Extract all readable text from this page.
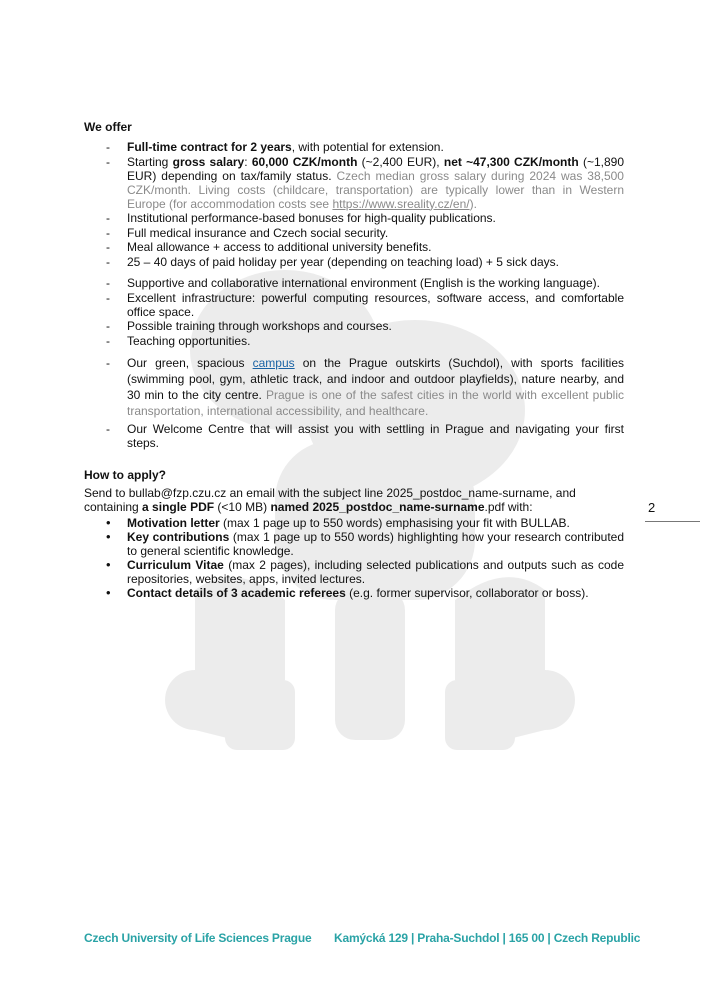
We offer
- Full-time contract for 2 years, with potential for extension.
- Starting gross salary: 60,000 CZK/month (~2,400 EUR), net ~47,300 CZK/month (~1,890 EUR) depending on tax/family status. Czech median gross salary during 2024 was 38,500 CZK/month. Living costs (childcare, transportation) are typically lower than in Western Europe (for accommodation costs see https://www.sreality.cz/en/).
- Institutional performance-based bonuses for high-quality publications.
- Full medical insurance and Czech social security.
- Meal allowance + access to additional university benefits.
- 25 – 40 days of paid holiday per year (depending on teaching load) + 5 sick days.
- Supportive and collaborative international environment (English is the working language).
- Excellent infrastructure: powerful computing resources, software access, and comfortable office space.
- Possible training through workshops and courses.
- Teaching opportunities.
- Our green, spacious campus on the Prague outskirts (Suchdol), with sports facilities (swimming pool, gym, athletic track, and indoor and outdoor playfields), nature nearby, and 30 min to the city centre. Prague is one of the safest cities in the world with excellent public transportation, international accessibility, and healthcare.
- Our Welcome Centre that will assist you with settling in Prague and navigating your first steps.
How to apply?

Send to bullab@fzp.czu.cz an email with the subject line 2025_postdoc_name-surname, and containing a single PDF (<10 MB) named 2025_postdoc_name-surname.pdf with:

• Motivation letter (max 1 page up to 550 words) emphasising your fit with BULLAB.
• Key contributions (max 1 page up to 550 words) highlighting how your research contributed to general scientific knowledge.
• Curriculum Vitae (max 2 pages), including selected publications and outputs such as code repositories, websites, apps, invited lectures.
• Contact details of 3 academic referees (e.g. former supervisor, collaborator or boss).
2
Czech University of Life Sciences Prague Kamýcká 129 | Praha-Suchdol | 165 00 | Czech Republic
